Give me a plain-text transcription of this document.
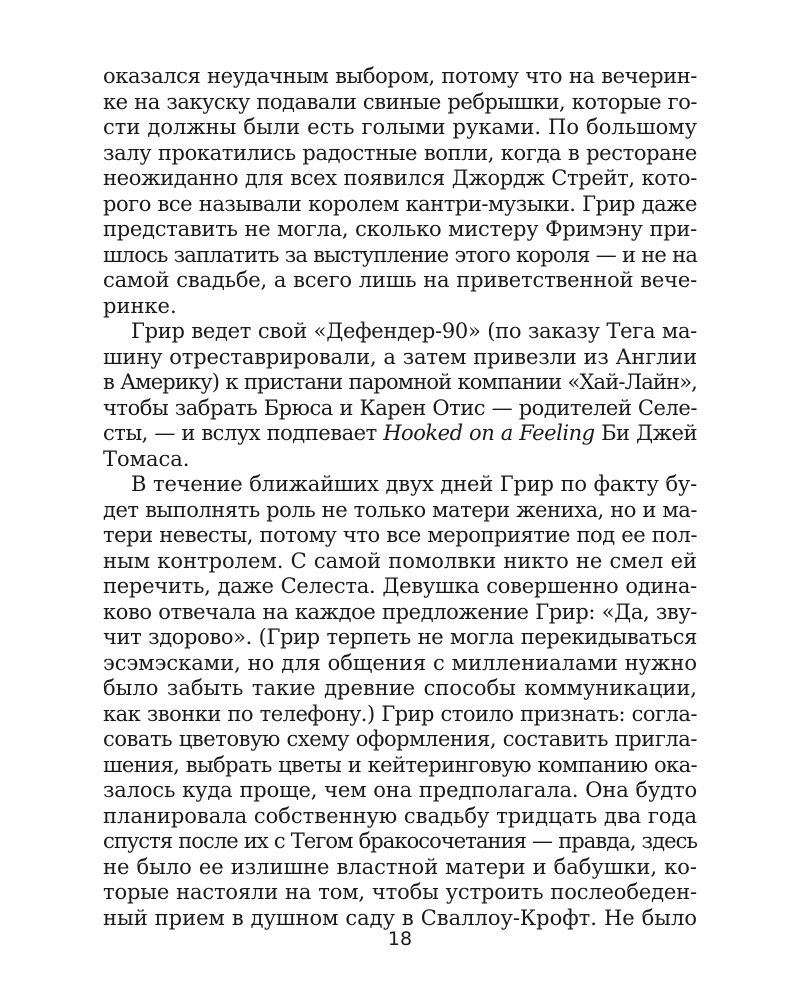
оказался неудачным выбором, потому что на вечерин-
ке на закуску подавали свиные ребрышки, которые го-
сти должны были есть голыми руками. По большому
залу прокатились радостные вопли, когда в ресторане
неожиданно для всех появился Джордж Стрейт, кото-
рого все называли королем кантри-музыки. Грир даже
представить не могла, сколько мистеру Фримэну при-
шлось заплатить за выступление этого короля — и не на
самой свадьбе, а всего лишь на приветственной вече-
ринке.
Грир ведет свой «Дефендер-90» (по заказу Тега ма-
шину отреставрировали, а затем привезли из Англии
в Америку) к пристани паромной компании «Хай-Лайн»,
чтобы забрать Брюса и Карен Отис — родителей Селе-
сты, — и вслух подпевает Hooked on a Feeling Би Джей
Томаса.
В течение ближайших двух дней Грир по факту бу-
дет выполнять роль не только матери жениха, но и ма-
тери невесты, потому что все мероприятие под ее пол-
ным контролем. С самой помолвки никто не смел ей
перечить, даже Селеста. Девушка совершенно одина-
ково отвечала на каждое предложение Грир: «Да, зву-
чит здорово». (Грир терпеть не могла перекидываться
эсэмэсками, но для общения с миллениалами нужно
было забыть такие древние способы коммуникации,
как звонки по телефону.) Грир стоило признать: согла-
совать цветовую схему оформления, составить пригла-
шения, выбрать цветы и кейтеринговую компанию ока-
залось куда проще, чем она предполагала. Она будто
планировала собственную свадьбу тридцать два года
спустя после их с Тегом бракосочетания — правда, здесь
не было ее излишне властной матери и бабушки, ко-
торые настояли на том, чтобы устроить послеобеден-
ный прием в душном саду в Сваллоу-Крофт. Не было
18
